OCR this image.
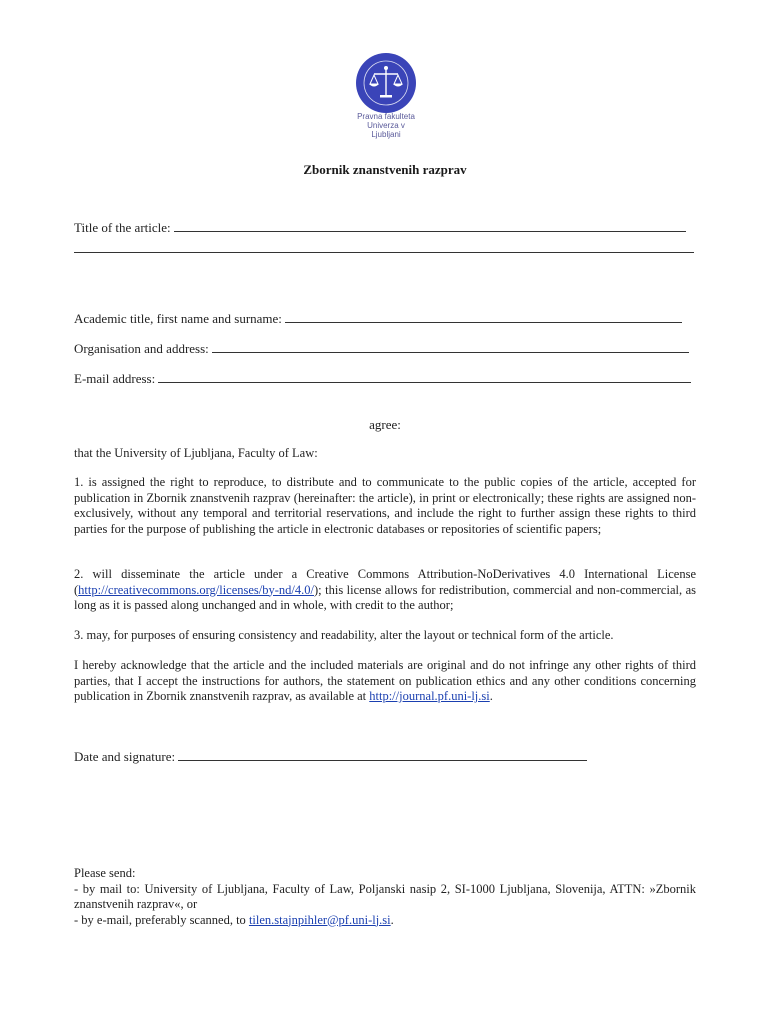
Pravna fakulteta
Univerza v Ljubljani
Zbornik znanstvenih razprav
Title of the article:
Academic title, first name and surname:
Organisation and address:
E-mail address:
agree:
that the University of Ljubljana, Faculty of Law:
1. is assigned the right to reproduce, to distribute and to communicate to the public copies of the article, accepted for publication in Zbornik znanstvenih razprav (hereinafter: the article), in print or electronically; these rights are assigned non-exclusively, without any temporal and territorial reservations, and include the right to further assign these rights to third parties for the purpose of publishing the article in electronic databases or repositories of scientific papers;
2. will disseminate the article under a Creative Commons Attribution-NoDerivatives 4.0 International License (http://creativecommons.org/licenses/by-nd/4.0/); this license allows for redistribution, commercial and non-commercial, as long as it is passed along unchanged and in whole, with credit to the author;
3. may, for purposes of ensuring consistency and readability, alter the layout or technical form of the article.
I hereby acknowledge that the article and the included materials are original and do not infringe any other rights of third parties, that I accept the instructions for authors, the statement on publication ethics and any other conditions concerning publication in Zbornik znanstvenih razprav, as available at http://journal.pf.uni-lj.si.
Date and signature:
Please send:
- by mail to: University of Ljubljana, Faculty of Law, Poljanski nasip 2, SI-1000 Ljubljana, Slovenija, ATTN: »Zbornik znanstvenih razprav«, or
- by e-mail, preferably scanned, to tilen.stajnpihler@pf.uni-lj.si.
